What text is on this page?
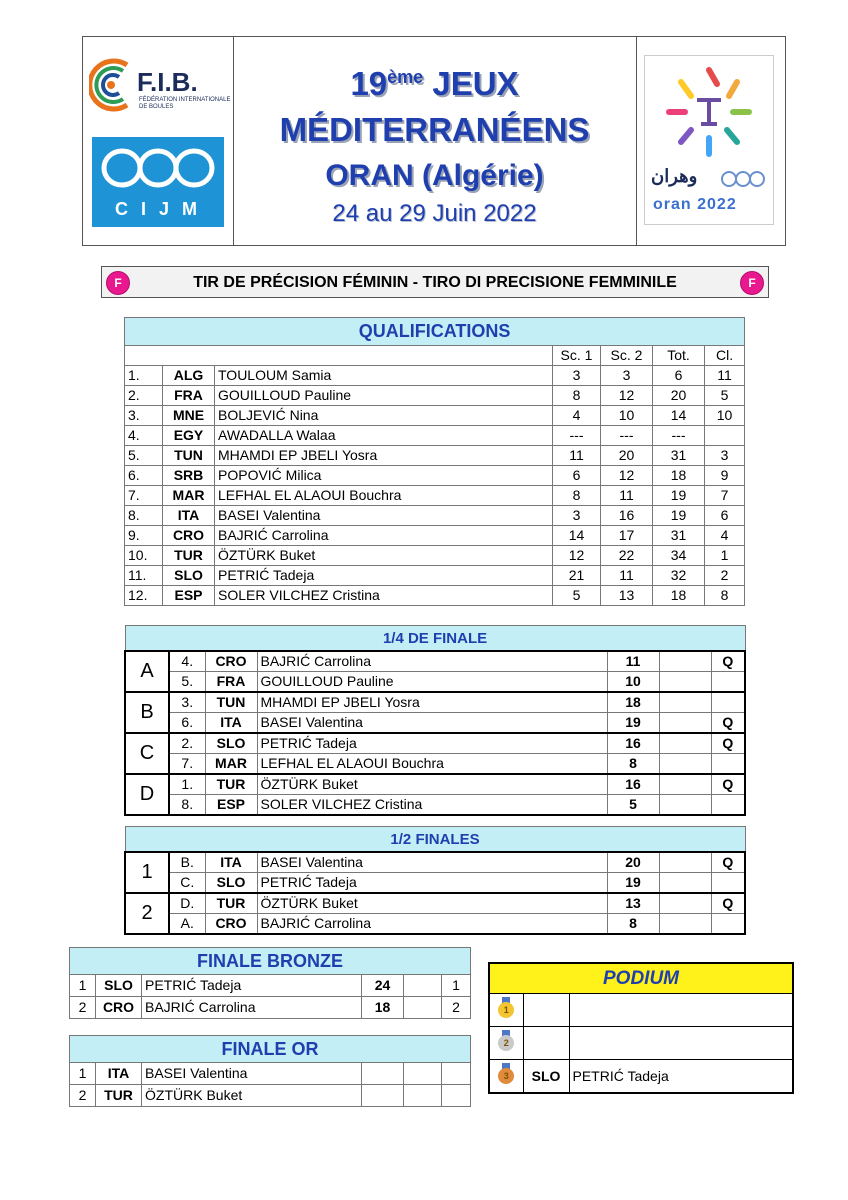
F.I.B.
FÉDÉRATION INTERNATIONALE
DE BOULES
C I J M
19ème JEUX
MÉDITERRANÉENS
ORAN (Algérie)
24 au 29 Juin 2022
وهران
oran 2022
F	TIR DE PRÉCISION FÉMININ - TIRO DI PRECISIONE FEMMINILE	F
QUALIFICATIONS						
			Sc. 1	Sc. 2	Tot.	Cl.
1.	ALG	TOULOUM Samia	3	3	6	11
2.	FRA	GOUILLOUD Pauline	8	12	20	5
3.	MNE	BOLJEVIĆ Nina	4	10	14	10
4.	EGY	AWADALLA Walaa	---	---	---	
5.	TUN	MHAMDI EP JBELI Yosra	11	20	31	3
6.	SRB	POPOVIĆ Milica	6	12	18	9
7.	MAR	LEFHAL EL ALAOUI Bouchra	8	11	19	7
8.	ITA	BASEI Valentina	3	16	19	6
9.	CRO	BAJRIĆ Carrolina	14	17	31	4
10.	TUR	ÖZTÜRK Buket	12	22	34	1
11.	SLO	PETRIĆ Tadeja	21	11	32	2
12.	ESP	SOLER VILCHEZ Cristina	5	13	18	8
1/4 DE FINALE						
A	4.	CRO	BAJRIĆ Carrolina	11		Q
	5.	FRA	GOUILLOUD Pauline	10		
B	3.	TUN	MHAMDI EP JBELI Yosra	18		
	6.	ITA	BASEI Valentina	19		Q
C	2.	SLO	PETRIĆ Tadeja	16		Q
	7.	MAR	LEFHAL EL ALAOUI Bouchra	8		
D	1.	TUR	ÖZTÜRK Buket	16		Q
	8.	ESP	SOLER VILCHEZ Cristina	5		
1/2 FINALES						
1	B.	ITA	BASEI Valentina	20		Q
	C.	SLO	PETRIĆ Tadeja	19		
2	D.	TUR	ÖZTÜRK Buket	13		Q
	A.	CRO	BAJRIĆ Carrolina	8		
FINALE BRONZE					
1	SLO	PETRIĆ Tadeja	24		1
2	CRO	BAJRIĆ Carrolina	18		2
FINALE OR					
1	ITA	BASEI Valentina			
2	TUR	ÖZTÜRK Buket			
PODIUM		

1		

2		

3	SLO	PETRIĆ Tadeja
